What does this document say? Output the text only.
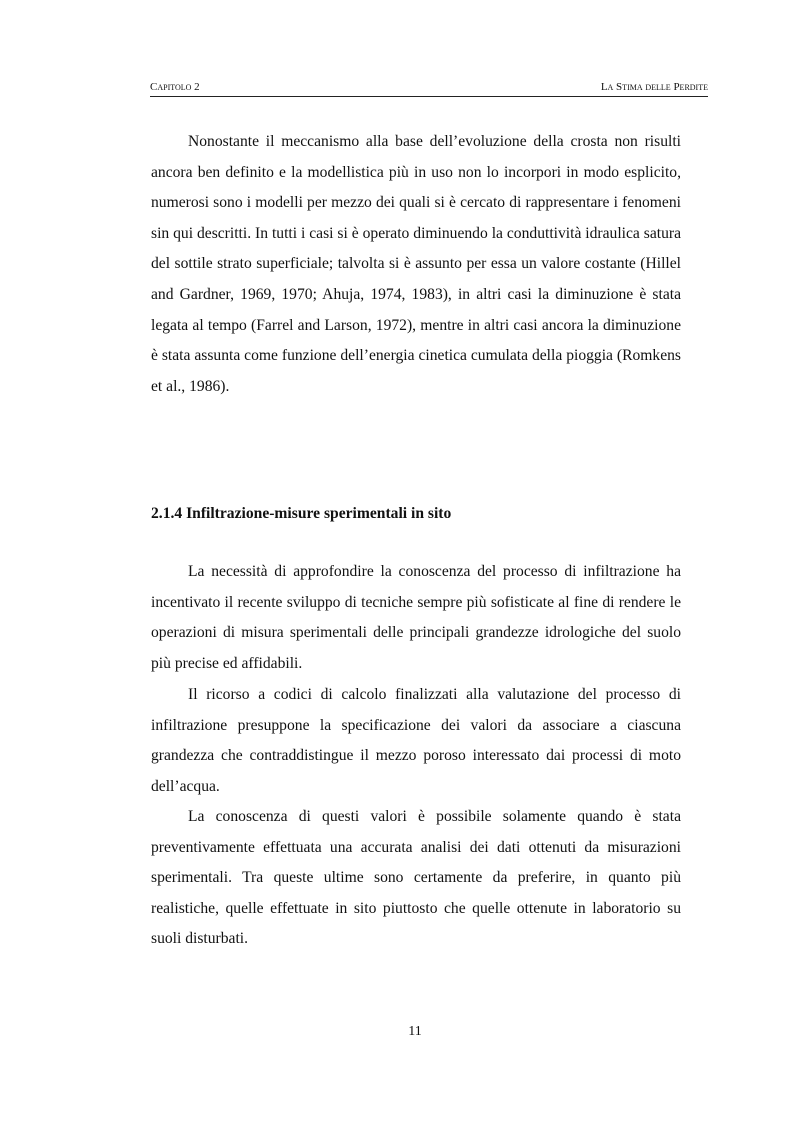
Capitolo 2	La Stima delle Perdite

Nonostante il meccanismo alla base dell’evoluzione della crosta non risulti ancora ben definito e la modellistica più in uso non lo incorpori in modo esplicito, numerosi sono i modelli per mezzo dei quali si è cercato di rappresentare i fenomeni sin qui descritti. In tutti i casi si è operato diminuendo la conduttività idraulica satura del sottile strato superficiale; talvolta si è assunto per essa un valore costante (Hillel and Gardner, 1969, 1970; Ahuja, 1974, 1983), in altri casi la diminuzione è stata legata al tempo (Farrel and Larson, 1972), mentre in altri casi ancora la diminuzione è stata assunta come funzione dell’energia cinetica cumulata della pioggia (Romkens et al., 1986).

2.1.4 Infiltrazione-misure sperimentali in sito

La necessità di approfondire la conoscenza del processo di infiltrazione ha incentivato il recente sviluppo di tecniche sempre più sofisticate al fine di rendere le operazioni di misura sperimentali delle principali grandezze idrologiche del suolo più precise ed affidabili.

Il ricorso a codici di calcolo finalizzati alla valutazione del processo di infiltrazione presuppone la specificazione dei valori da associare a ciascuna grandezza che contraddistingue il mezzo poroso interessato dai processi di moto dell’acqua.

La conoscenza di questi valori è possibile solamente quando è stata preventivamente effettuata una accurata analisi dei dati ottenuti da misurazioni sperimentali. Tra queste ultime sono certamente da preferire, in quanto più realistiche, quelle effettuate in sito piuttosto che quelle ottenute in laboratorio su suoli disturbati.

11
